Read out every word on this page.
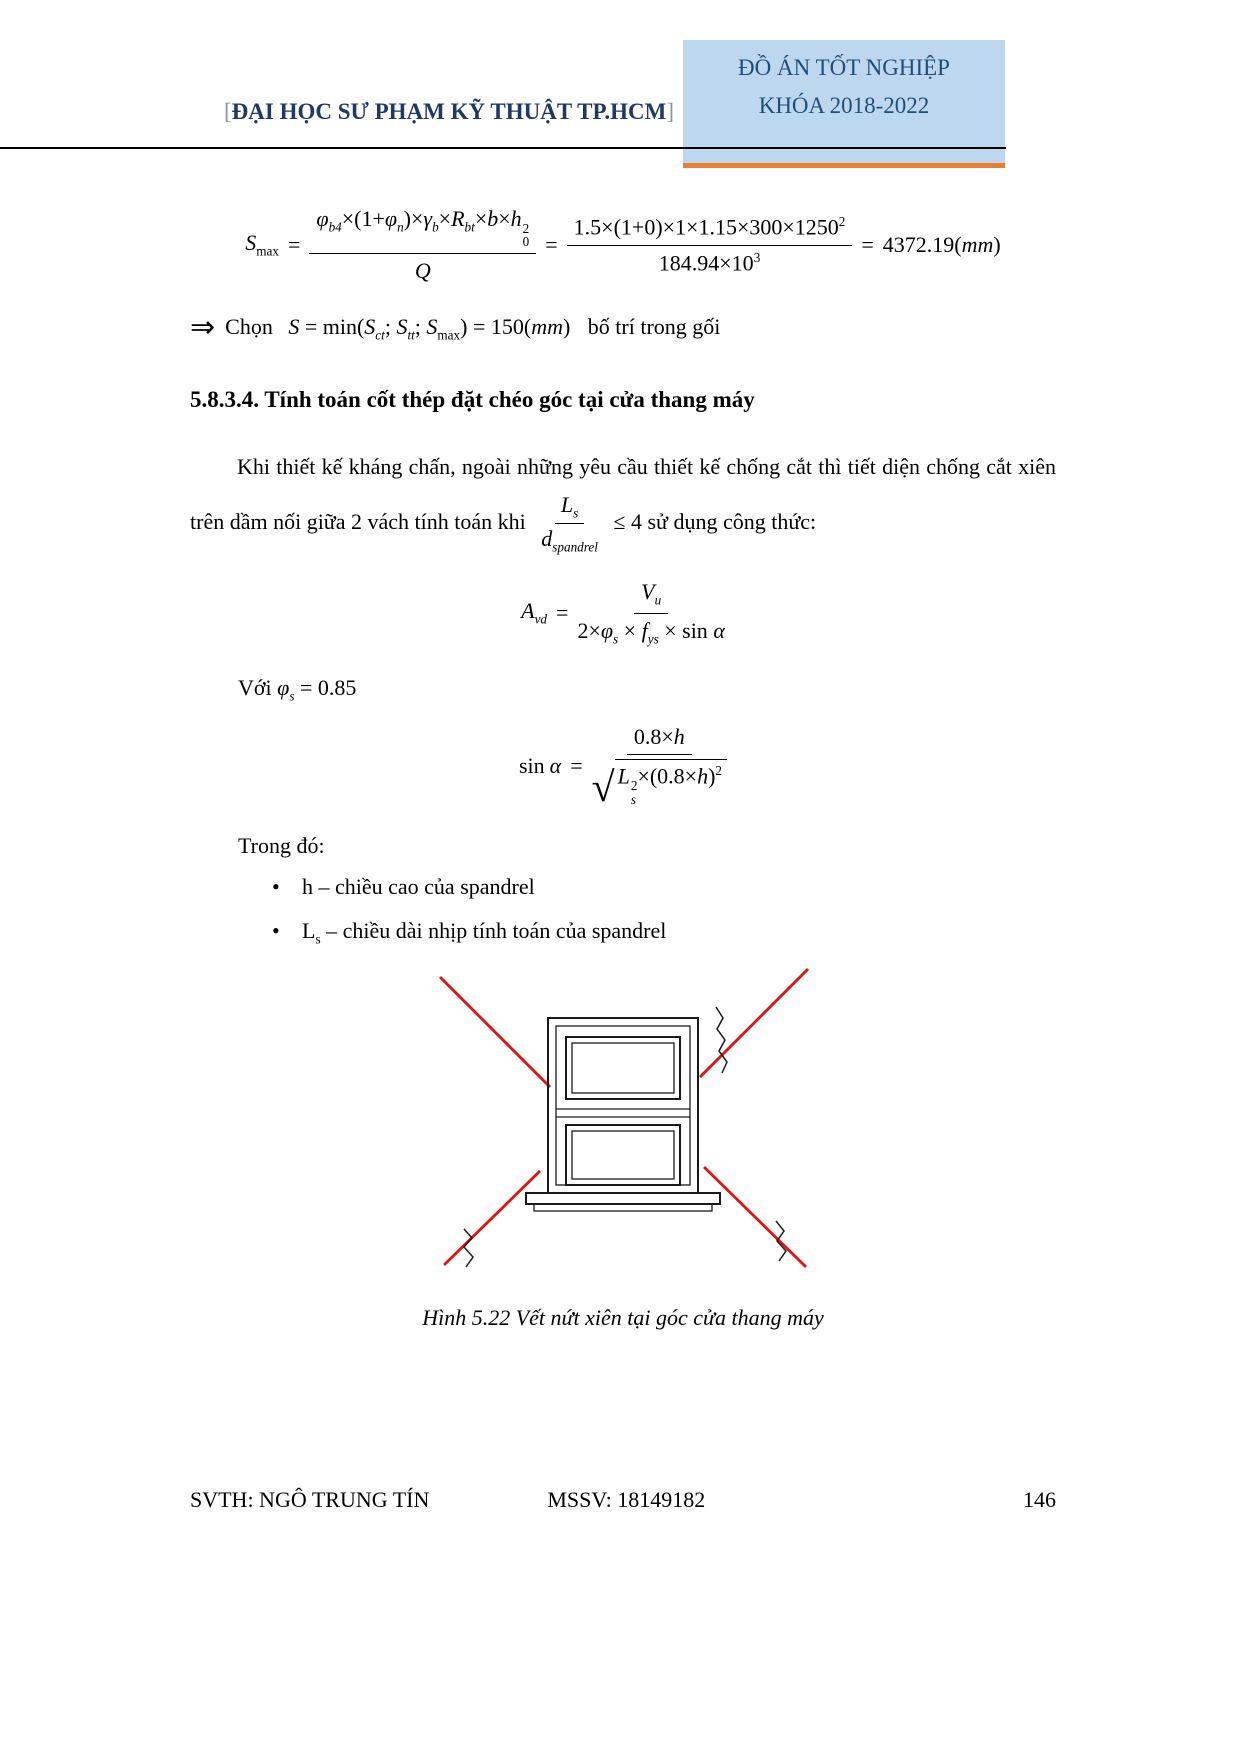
ĐỒ ÁN TỐT NGHIỆP
KHÓA 2018-2022
[ĐẠI HỌC SƯ PHẠM KỸ THUẬT TP.HCM]
$S_{max} = \varphi_{b4}\times(1+\varphi_n)\times\gamma_b\times R_{bt}\times b\times h$ 2
0
$Q = \frac{1.5\times(1+0)\times 1\times 1.15\times 300\times 1250^2}{184.94\times 10^3} = 4372.19(mm)$
⇒ Chọn $S = \min(S_{ct}$; $S_{tt}$; $S_{max}) = 150(mm)$ bố trí trong gối
5.8.3.4. Tính toán cốt thép đặt chéo góc tại cửa thang máy
Khi thiết kế kháng chấn, ngoài những yêu cầu thiết kế chống cắt thì tiết diện chống cắt xiên trên dầm nối giữa 2 vách tính toán khi $\frac{L_s}{d_{spandrel}} \le 4$ sử dụng công thức:
$A_{vd} = \frac{V_u}{2\times\varphi_s \times f_{ys} \times \sin \alpha}$
Với $\varphi_s = 0.85$
sin α = 0.8×h
√ L 2
s
$\times(0.8\times h)^2$
Trong đó:
• h – chiều cao của spandrel
• $L_s$ – chiều dài nhịp tính toán của spandrel
Hình 5.22 Vết nứt xiên tại góc cửa thang máy
SVTH: NGÔ TRUNG TÍN	MSSV: 18149182	146
